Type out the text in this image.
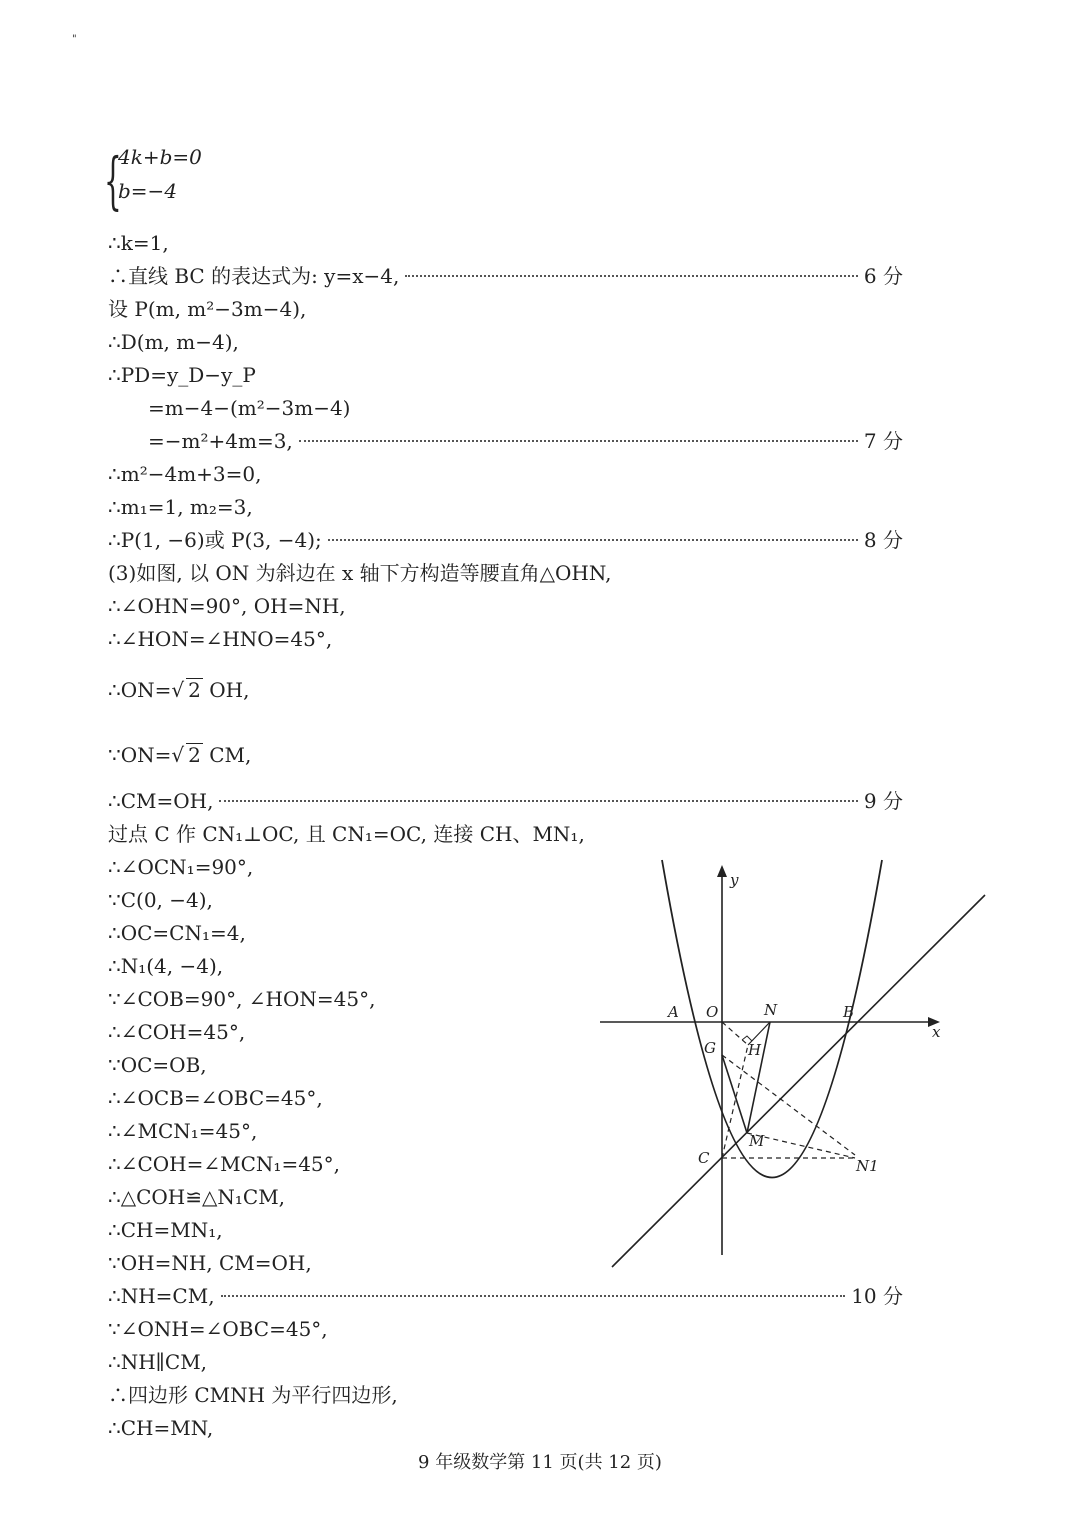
"
{
4k+b=0
b=−4
∴k=1,
∴直线 BC 的表达式为: y=x−4,	6 分
设 P(m, m²−3m−4),
∴D(m, m−4),
∴PD=y_D−y_P
=m−4−(m²−3m−4)
=−m²+4m=3,	7 分
∴m²−4m+3=0,
∴m₁=1, m₂=3,
∴P(1, −6)或 P(3, −4);	8 分
(3)如图, 以 ON 为斜边在 x 轴下方构造等腰直角△OHN,
∴∠OHN=90°, OH=NH,
∴∠HON=∠HNO=45°,
∴ON=√ 2 OH,
∵ON=√ 2 CM,
∴CM=OH,	9 分
过点 C 作 CN₁⊥OC, 且 CN₁=OC, 连接 CH、MN₁,
∴∠OCN₁=90°,
∵C(0, −4),
∴OC=CN₁=4,
∴N₁(4, −4),
∵∠COB=90°, ∠HON=45°,
∴∠COH=45°,
∵OC=OB,
∴∠OCB=∠OBC=45°,
∴∠MCN₁=45°,
∴∠COH=∠MCN₁=45°,
∴△COH≌△N₁CM,
∴CH=MN₁,
∵OH=NH, CM=OH,
∴NH=CM,	10 分
∵∠ONH=∠OBC=45°,
∴NH∥CM,
∴四边形 CMNH 为平行四边形,
∴CH=MN,
y
x
A O	N	B
G H
M
C	N1
9 年级数学第 11 页(共 12 页)
